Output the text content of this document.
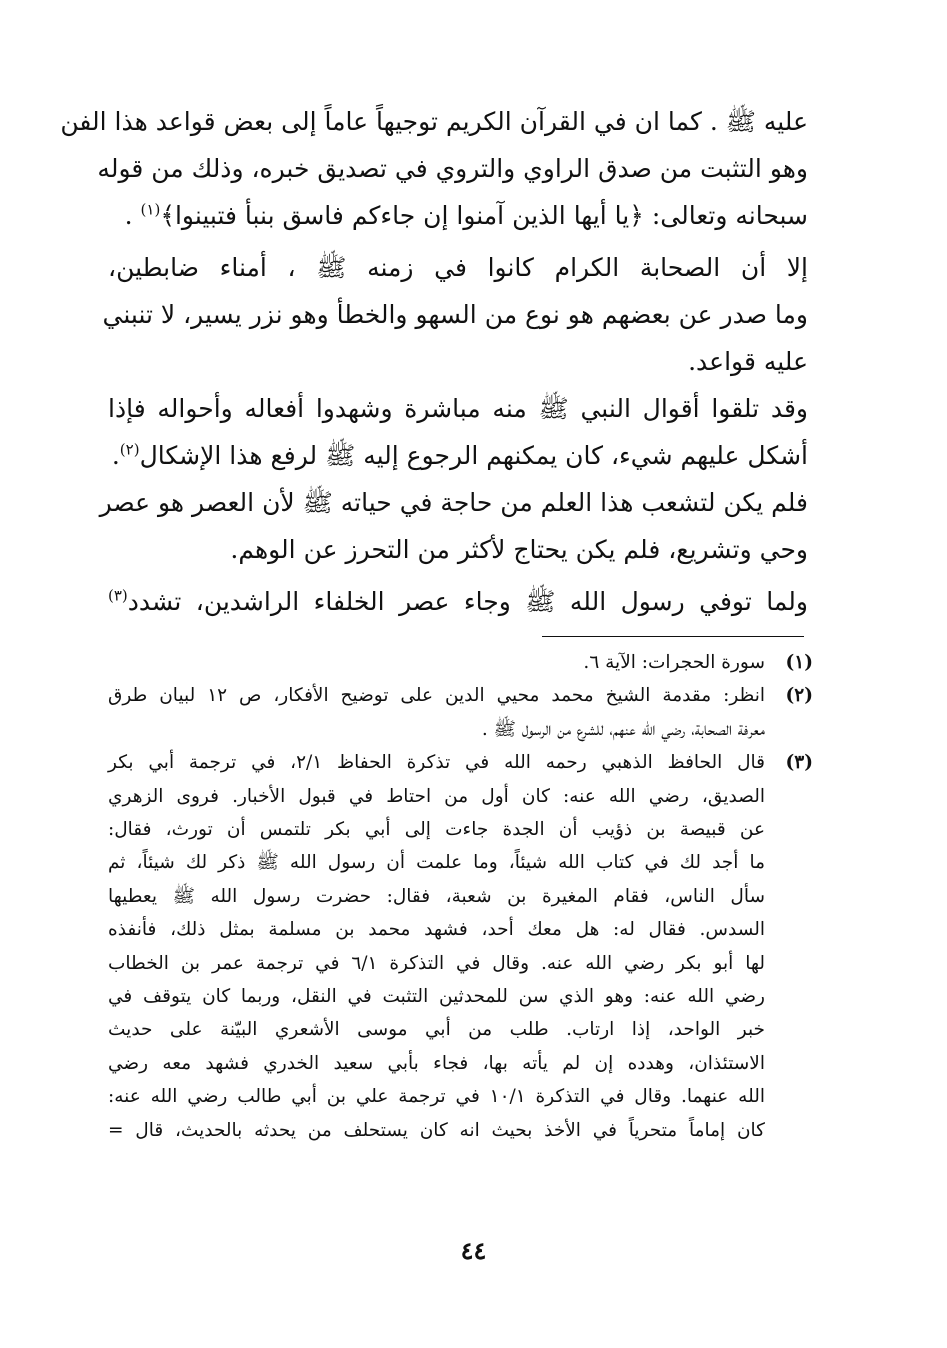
عليه ﷺ . كما ان في القرآن الكريم توجيهاً عاماً إلى بعض قواعد هذا الفن
وهو التثبت من صدق الراوي والتروي في تصديق خبره، وذلك من قوله
سبحانه وتعالى: ﴿يا أيها الذين آمنوا إن جاءكم فاسق بنبأ فتبينوا﴾$^{(١)}$ .
إلا أن الصحابة الكرام كانوا في زمنه ﷺ ، أمناء ضابطين،
وما صدر عن بعضهم هو نوع من السهو والخطأ وهو نزر يسير، لا تنبني
عليه قواعد.
وقد تلقوا أقوال النبي ﷺ منه مباشرة وشهدوا أفعاله وأحواله فإذا
أشكل عليهم شيء، كان يمكنهم الرجوع إليه ﷺ لرفع هذا الإشكال$^{(٢)}$.
فلم يكن لتشعب هذا العلم من حاجة في حياته ﷺ لأن العصر هو عصر
وحي وتشريع، فلم يكن يحتاج لأكثر من التحرز عن الوهم.
ولما توفي رسول الله ﷺ وجاء عصر الخلفاء الراشدين، تشدد$^{(٣)}$
(١)
سورة الحجرات: الآية ٦.
(٢)
انظر: مقدمة الشيخ محمد محيي الدين على توضيح الأفكار، ص ١٢ لبيان طرق
معرفة الصحابة، رضي الله عنهم، للشرع من الرسول ﷺ .
(٣)
قال الحافظ الذهبي رحمه الله في تذكرة الحفاظ ٢/١، في ترجمة أبي بكر
الصديق، رضي الله عنه: كان أول من احتاط في قبول الأخبار. فروى الزهري
عن قبيصة بن ذؤيب أن الجدة جاءت إلى أبي بكر تلتمس أن تورث، فقال:
ما أجد لك في كتاب الله شيئاً، وما علمت أن رسول الله ﷺ ذكر لك شيئاً، ثم
سأل الناس، فقام المغيرة بن شعبة، فقال: حضرت رسول الله ﷺ يعطيها
السدس. فقال له: هل معك أحد، فشهد محمد بن مسلمة بمثل ذلك، فأنفذه
لها أبو بكر رضي الله عنه. وقال في التذكرة ٦/١ في ترجمة عمر بن الخطاب
رضي الله عنه: وهو الذي سن للمحدثين التثبت في النقل، وربما كان يتوقف في
خبر الواحد، إذا ارتاب. طلب من أبي موسى الأشعري البيّنة على حديث
الاستئذان، وهدده إن لم يأته بها، فجاء بأبي سعيد الخدري فشهد معه رضي
الله عنهما. وقال في التذكرة ١٠/١ في ترجمة علي بن أبي طالب رضي الله عنه:
كان إماماً متحرياً في الأخذ بحيث انه كان يستحلف من يحدثه بالحديث، قال =
٤٤
